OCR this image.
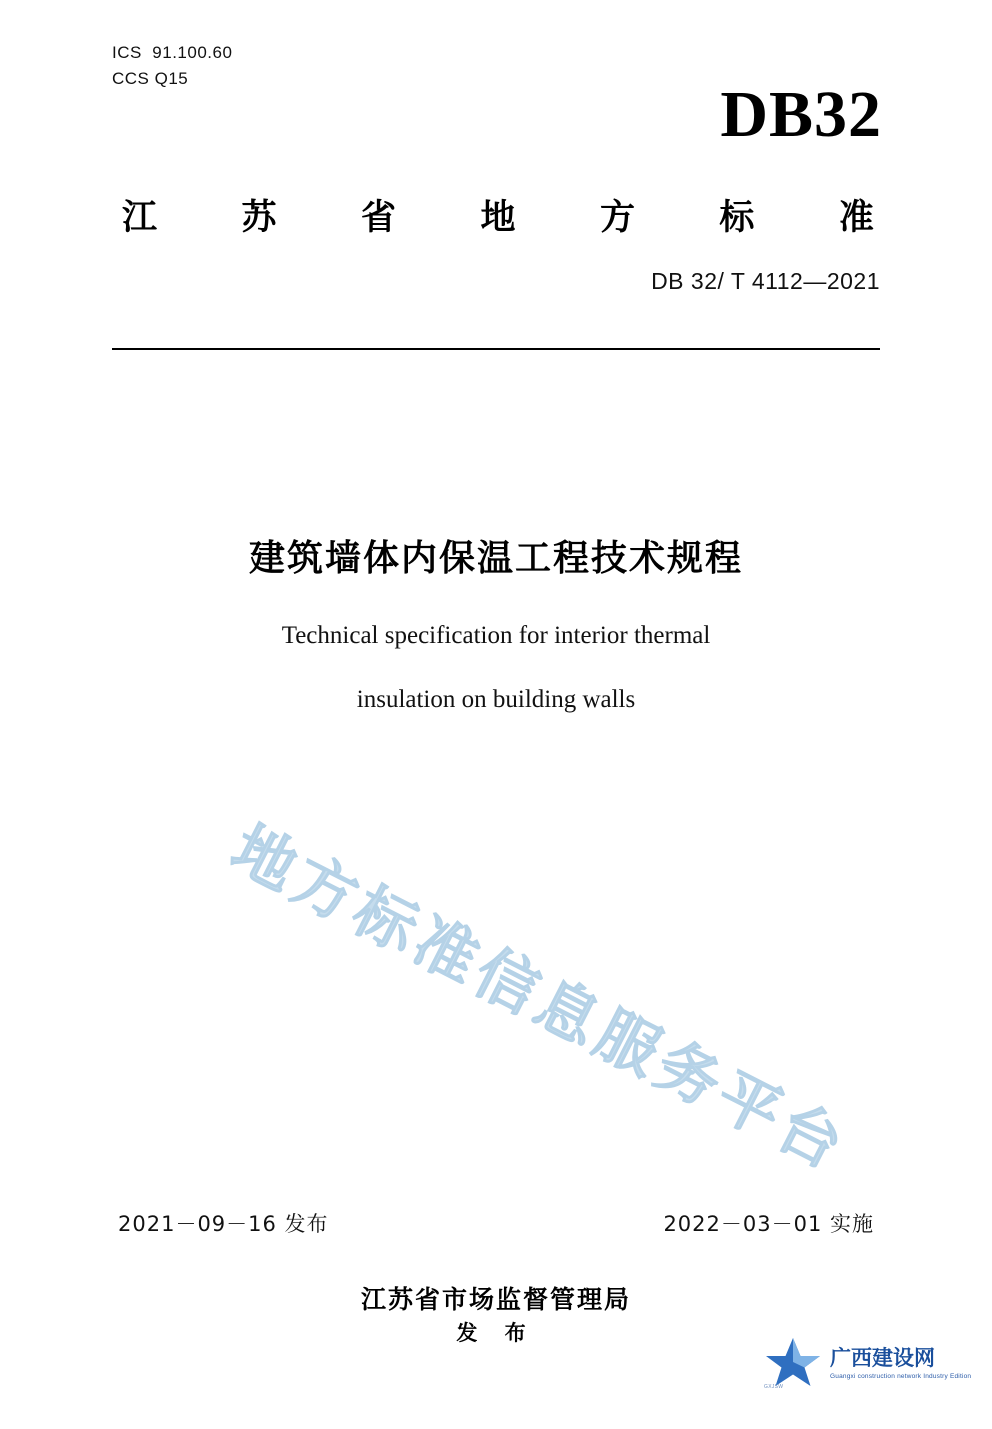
ICS  91.100.60
CCS Q15	DB32
江 苏 省 地 方 标 准
DB 32/ T 4112—2021
建筑墙体内保温工程技术规程
Technical specification for interior thermal
insulation on building walls
地方标准信息服务平台
2021－09－16 发布	2022－03－01 实施
江苏省市场监督管理局
发 布
GXJSW
广西建设网
Guangxi construction network Industry Edition
